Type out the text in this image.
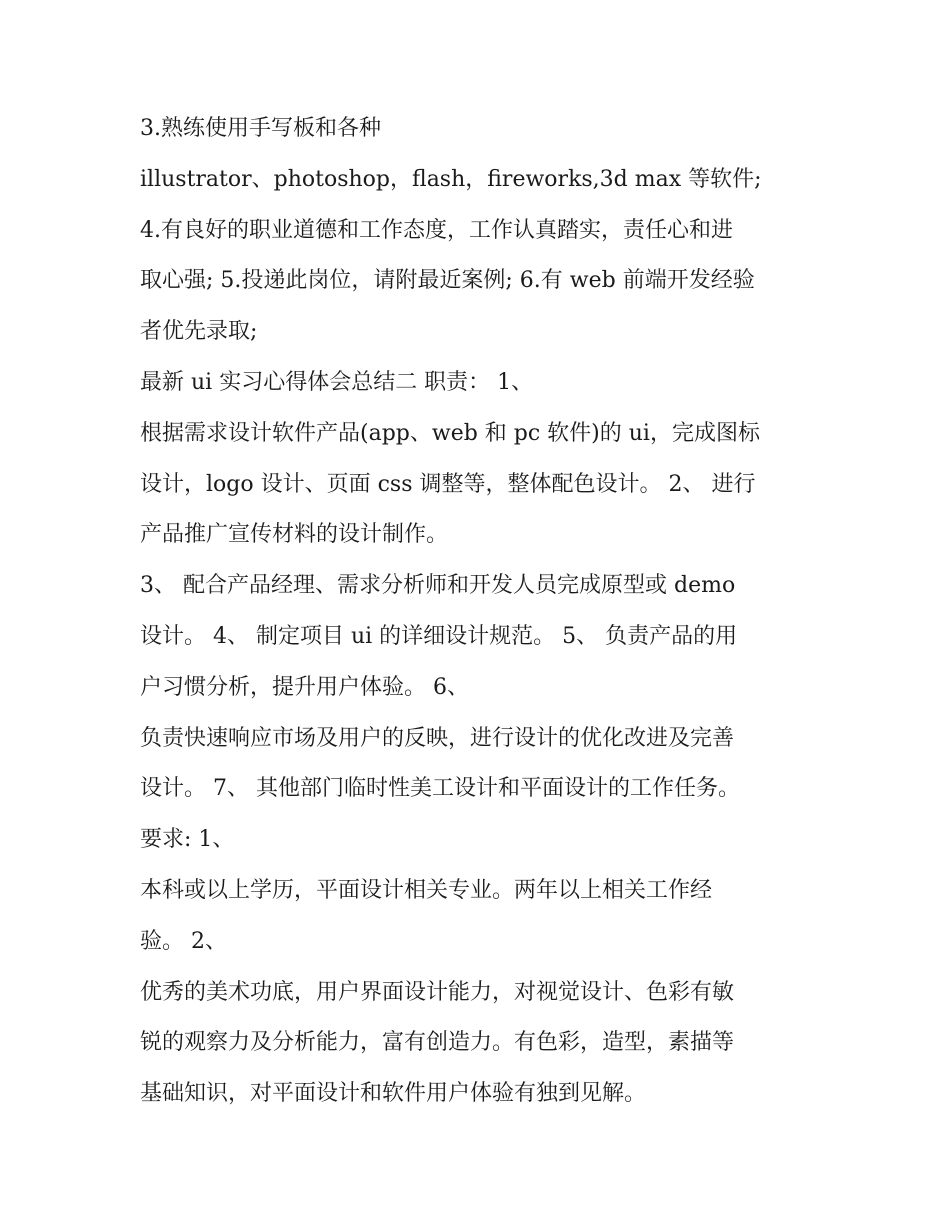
3.熟练使用手写板和各种
illustrator、photoshop，flash，fireworks,3d max 等软件;
4.有良好的职业道德和工作态度，工作认真踏实，责任心和进
取心强; 5.投递此岗位，请附最近案例; 6.有 web 前端开发经验
者优先录取;
最新 ui 实习心得体会总结二 职责： 1、
根据需求设计软件产品(app、web 和 pc 软件)的 ui，完成图标
设计，logo 设计、页面 css 调整等，整体配色设计。 2、 进行
产品推广宣传材料的设计制作。
3、 配合产品经理、需求分析师和开发人员完成原型或 demo
设计。 4、 制定项目 ui 的详细设计规范。 5、 负责产品的用
户习惯分析，提升用户体验。 6、
负责快速响应市场及用户的反映，进行设计的优化改进及完善
设计。 7、 其他部门临时性美工设计和平面设计的工作任务。
要求: 1、
本科或以上学历，平面设计相关专业。两年以上相关工作经
验。 2、
优秀的美术功底，用户界面设计能力，对视觉设计、色彩有敏
锐的观察力及分析能力，富有创造力。有色彩，造型，素描等
基础知识，对平面设计和软件用户体验有独到见解。
